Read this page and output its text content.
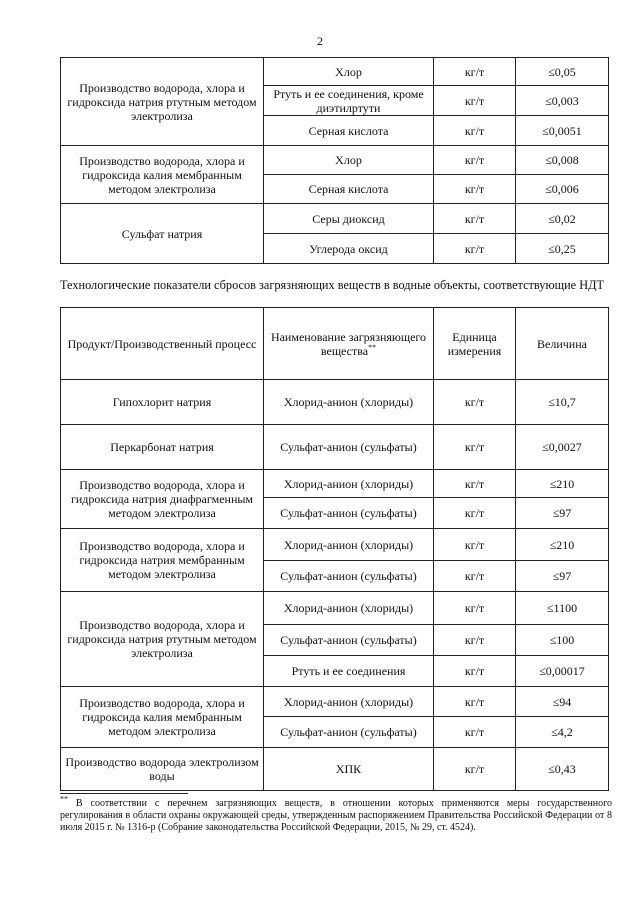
2
Производство водорода, хлора и гидроксида натрия ртутным методом электролиза	Хлор	кг/т	≤0,05
	Ртуть и ее соединения, кроме диэтилртути	кг/т	≤0,003
	Серная кислота	кг/т	≤0,0051
Производство водорода, хлора и гидроксида калия мембранным методом электролиза	Хлор	кг/т	≤0,008
	Серная кислота	кг/т	≤0,006
Сульфат натрия	Серы диоксид	кг/т	≤0,02
	Углерода оксид	кг/т	≤0,25
Технологические показатели сбросов загрязняющих веществ в водные объекты, соответствующие НДТ
Продукт/Производственный процесс	Наименование загрязняющего вещества**	Единица измерения	Величина
Гипохлорит натрия	Хлорид-анион (хлориды)	кг/т	≤10,7
Перкарбонат натрия	Сульфат-анион (сульфаты)	кг/т	≤0,0027
Производство водорода, хлора и гидроксида натрия диафрагменным методом электролиза	Хлорид-анион (хлориды)	кг/т	≤210
	Сульфат-анион (сульфаты)	кг/т	≤97
Производство водорода, хлора и гидроксида натрия мембранным методом электролиза	Хлорид-анион (хлориды)	кг/т	≤210
	Сульфат-анион (сульфаты)	кг/т	≤97
Производство водорода, хлора и гидроксида натрия ртутным методом электролиза	Хлорид-анион (хлориды)	кг/т	≤1100
	Сульфат-анион (сульфаты)	кг/т	≤100
	Ртуть и ее соединения	кг/т	≤0,00017
Производство водорода, хлора и гидроксида калия мембранным методом электролиза	Хлорид-анион (хлориды)	кг/т	≤94
	Сульфат-анион (сульфаты)	кг/т	≤4,2
Производство водорода электролизом воды	ХПК	кг/т	≤0,43
** В соответствии с перечнем загрязняющих веществ, в отношении которых применяются меры государственного регулирования в области охраны окружающей среды, утвержденным распоряжением Правительства Российской Федерации от 8 июля 2015 г. № 1316-р (Собрание законодательства Российской Федерации, 2015, № 29, ст. 4524).
